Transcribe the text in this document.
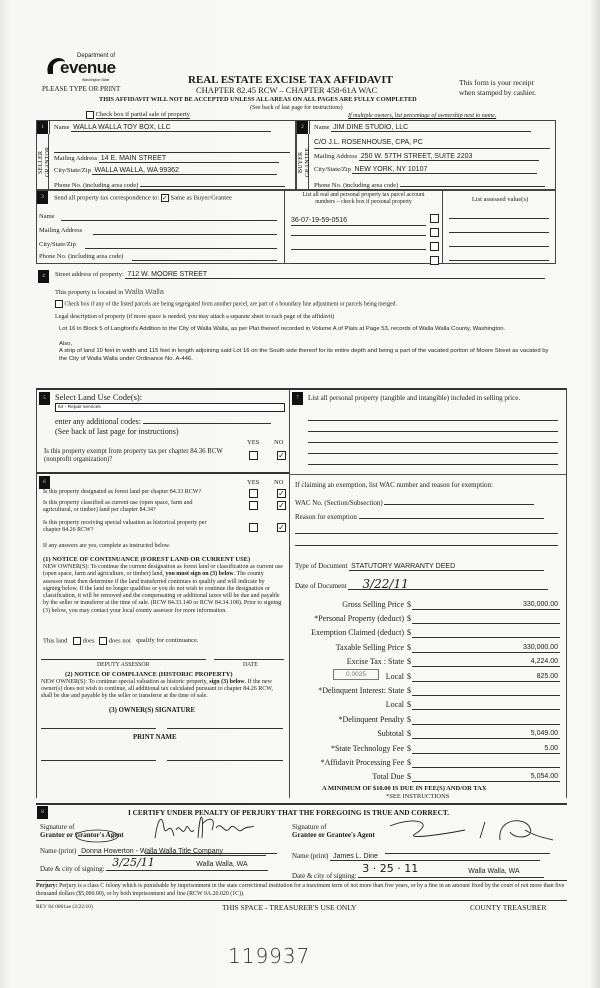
Department of
evenue
Washington State
PLEASE TYPE OR PRINT
REAL ESTATE EXCISE TAX AFFIDAVIT
CHAPTER 82.45 RCW – CHAPTER 458-61A WAC
This form is your receipt
when stamped by cashier.
THIS AFFIDAVIT WILL NOT BE ACCEPTED UNLESS ALL AREAS ON ALL PAGES ARE FULLY COMPLETED
(See back of last page for instructions)
Check box if partial sale of property	If multiple owners, list percentage of ownership next to name.
1
SELLER GRANTOR
Name WALLA WALLA TOY BOX, LLC
Mailing Address 14 E. MAIN STREET
City/State/Zip WALLA WALLA, WA 99362
Phone No. (including area code)
2
BUYER GRANTEE
Name JIM DINE STUDIO, LLC
C/O J.L. ROSENHOUSE, CPA, PC
Mailing Address 250 W. 57TH STREET, SUITE 2203
City/State/Zip NEW YORK, NY 10107
Phone No. (including area code)
3	Send all property tax correspondence to: ✓ Same as Buyer/Grantee
Name
Mailing Address
City/State/Zip
Phone No. (including area code)
List all real and personal property tax parcel account
numbers – check box if personal property	List assessed value(s)
36-07-19-59-0516

4	Street address of property: 712 W. MOORE STREET
This property is located in Walla Walla
Check box if any of the listed parcels are being segregated from another parcel, are part of a boundary line adjustment or parcels being merged.
Legal description of property (if more space is needed, you may attach a separate sheet to each page of the affidavit)
Lot 16 in Block 5 of Langford's Addition to the City of Walla Walla, as per Plat thereof recorded in Volume A of Plats at Page 53, records of Walla Walla County, Washington.
Also,
A strip of land 10 feet in width and 115 feet in length adjoining said Lot 16 on the South side thereof for its entire depth and being a part of the vacated portion of Moore Street as vacated by the City of Walla Walla under Ordinance No. A-446.
5	Select Land Use Code(s):
64 - Repair services
enter any additional codes:
(See back of last page for instructions)
YES NO
Is this property exempt from property tax per chapter 84.36 RCW (nonprofit organization)?	✓
6	YES NO
Is this property designated as forest land per chapter 84.33 RCW?	✓
Is this property classified as current use (open space, farm and agricultural, or timber) land per chapter 84.34?	✓
Is this property receiving special valuation as historical property per chapter 84.26 RCW?	✓
If any answers are yes, complete as instructed below.
(1) NOTICE OF CONTINUANCE (FOREST LAND OR CURRENT USE)
NEW OWNER(S): To continue the current designation as forest land or classification as current use (open space, farm and agriculture, or timber) land, you must sign on (3) below. The county assessor must then determine if the land transferred continues to qualify and will indicate by signing below. If the land no longer qualifies or you do not wish to continue the designation or classification, it will be removed and the compensating or additional taxes will be due and payable by the seller or transferor at the time of sale. (RCW 84.33.140 or RCW 84.34.108). Prior to signing (3) below, you may contact your local county assessor for more information.
This land does does not qualify for continuance.
DEPUTY ASSESSOR	DATE
(2) NOTICE OF COMPLIANCE (HISTORIC PROPERTY)
NEW OWNER(S): To continue special valuation as historic property, sign (3) below. If the new owner(s) does not wish to continue, all additional tax calculated pursuant to chapter 84.26 RCW, shall be due and payable by the seller or transferor at the time of sale.
(3) OWNER(S) SIGNATURE
PRINT NAME
7	List all personal property (tangible and intangible) included in selling price.
If claiming an exemption, list WAC number and reason for exemption:
WAC No. (Section/Subsection)
Reason for exemption
Type of Document STATUTORY WARRANTY DEED
Date of Document 3/22/11
0.0025
Gross Selling Price $	330,000.00
*Personal Property (deduct) $
Exemption Claimed (deduct) $
Taxable Selling Price $	330,000.00
Excise Tax : State $	4,224.00
Local $	825.00
*Delinquent Interest: State $
Local $
*Delinquent Penalty $
Subtotal $	5,049.00
*State Technology Fee $	5.00
*Affidavit Processing Fee $
Total Due $	5,054.00
A MINIMUM OF $10.00 IS DUE IN FEE(S) AND/OR TAX
*SEE INSTRUCTIONS
8	I CERTIFY UNDER PENALTY OF PERJURY THAT THE FOREGOING IS TRUE AND CORRECT.
Signature of
Grantor or Grantor's Agent
Name (print) Donna Howerton - Walla Walla Title Company
Date & city of signing: 3/25/11	Walla Walla, WA
Signature of
Grantee or Grantee's Agent
Name (print) James L. Dine
Date & city of signing:
3 · 25 · 11	Walla Walla, WA
Perjury: Perjury is a class C felony which is punishable by imprisonment in the state correctional institution for a maximum term of not more than five years, or by a fine in an amount fixed by the court of not more than five thousand dollars ($5,000.00), or by both imprisonment and fine (RCW 9A.20.020 (1C)).
REV 84 0001ae (2/22/10)	THIS SPACE - TREASURER'S USE ONLY	COUNTY TREASURER
119937
